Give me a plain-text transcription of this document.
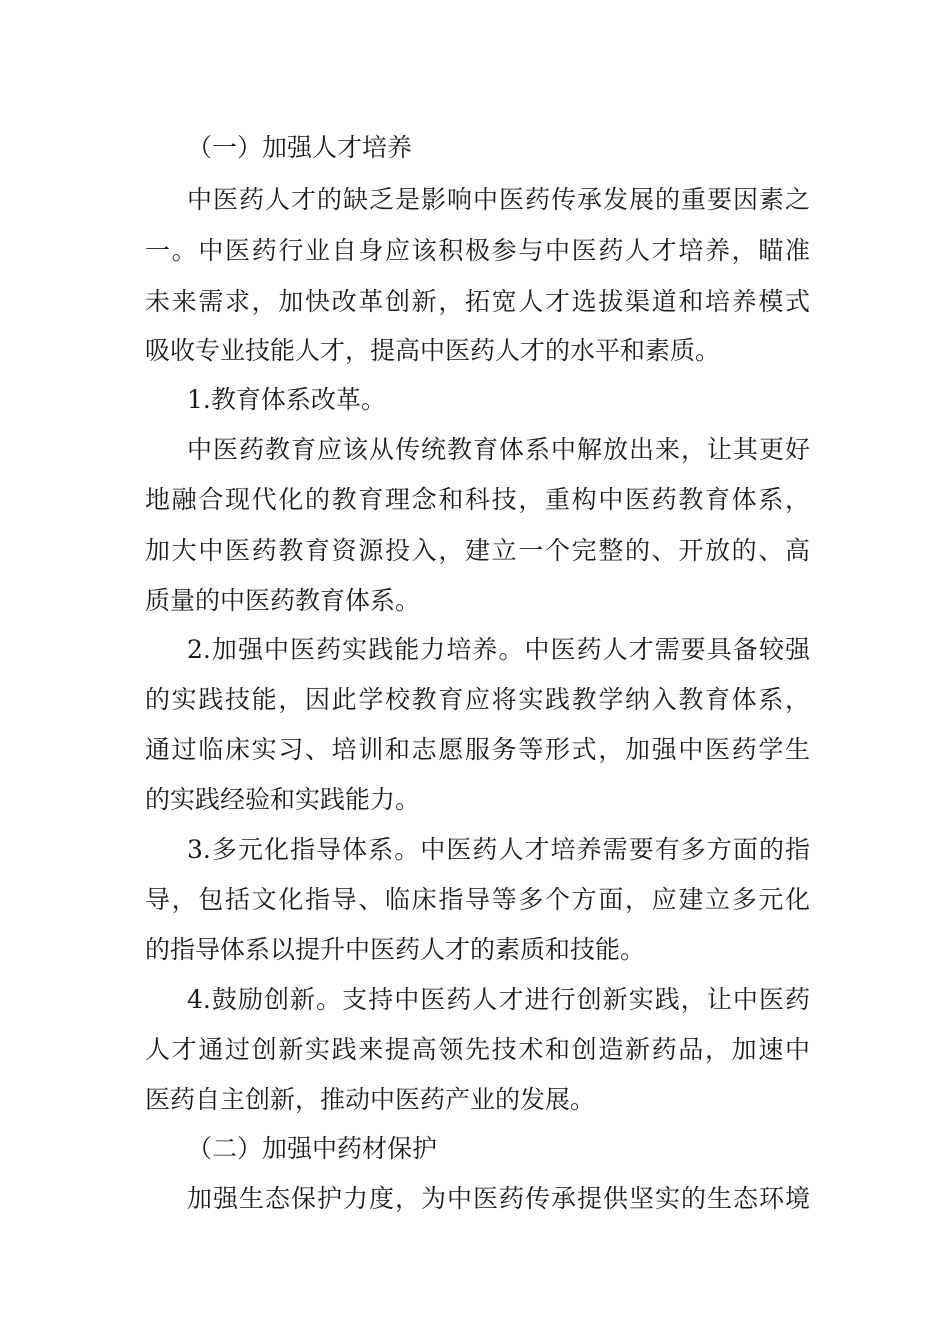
（一）加强人才培养
中医药人才的缺乏是影响中医药传承发展的重要因素之
一。中医药行业自身应该积极参与中医药人才培养，瞄准
未来需求，加快改革创新，拓宽人才选拔渠道和培养模式
吸收专业技能人才，提高中医药人才的水平和素质。
1.教育体系改革。
中医药教育应该从传统教育体系中解放出来，让其更好
地融合现代化的教育理念和科技，重构中医药教育体系，
加大中医药教育资源投入，建立一个完整的、开放的、高
质量的中医药教育体系。
2.加强中医药实践能力培养。中医药人才需要具备较强
的实践技能，因此学校教育应将实践教学纳入教育体系，
通过临床实习、培训和志愿服务等形式，加强中医药学生
的实践经验和实践能力。
3.多元化指导体系。中医药人才培养需要有多方面的指
导，包括文化指导、临床指导等多个方面，应建立多元化
的指导体系以提升中医药人才的素质和技能。
4.鼓励创新。支持中医药人才进行创新实践，让中医药
人才通过创新实践来提高领先技术和创造新药品，加速中
医药自主创新，推动中医药产业的发展。
（二）加强中药材保护
加强生态保护力度，为中医药传承提供坚实的生态环境
